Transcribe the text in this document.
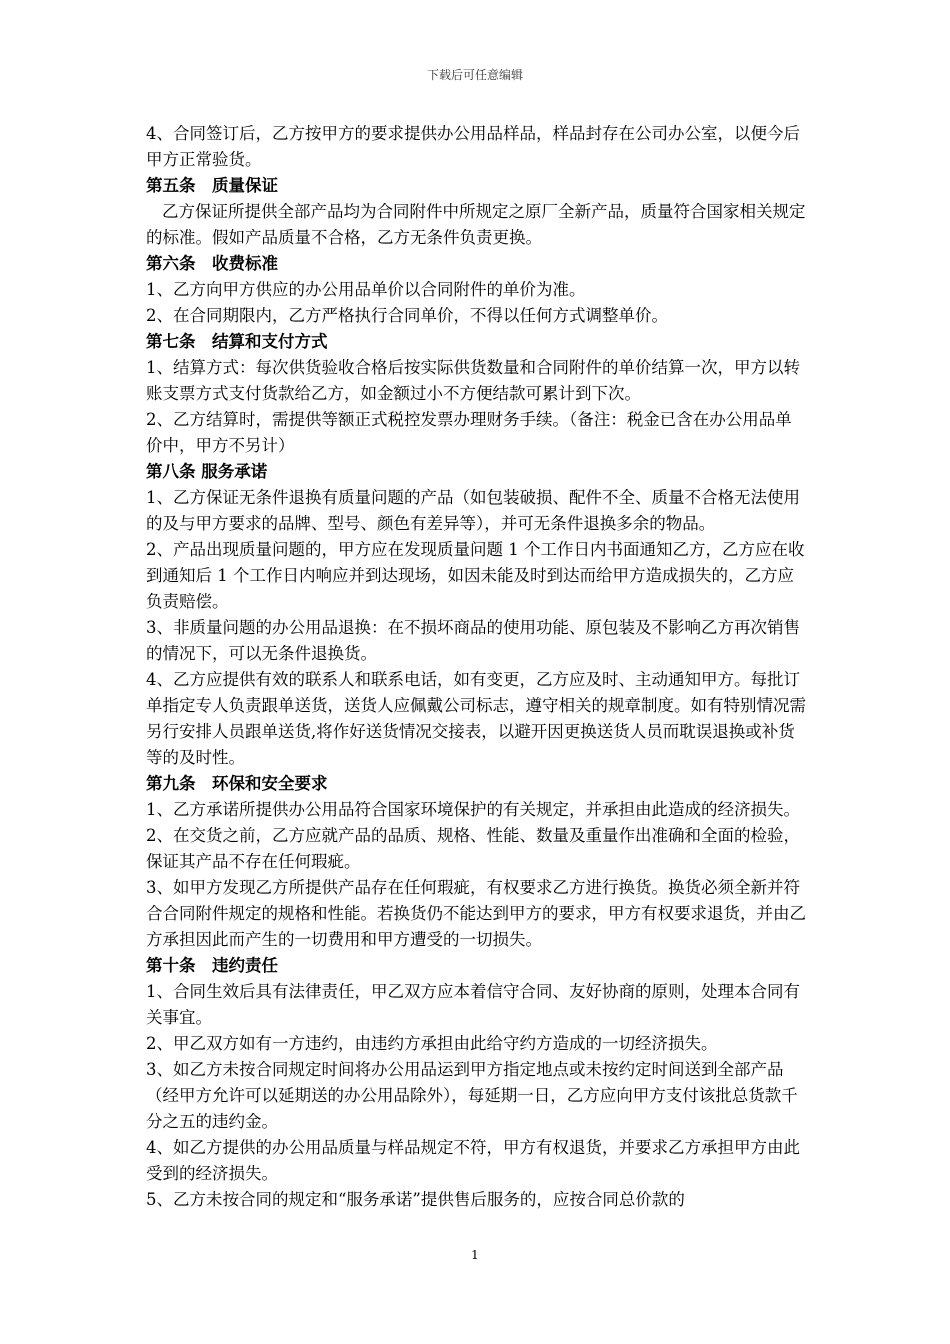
下载后可任意编辑

4、合同签订后，乙方按甲方的要求提供办公用品样品，样品封存在公司办公室，以便今后甲方正常验货。

第五条　质量保证

乙方保证所提供全部产品均为合同附件中所规定之原厂全新产品，质量符合国家相关规定的标准。假如产品质量不合格，乙方无条件负责更换。

第六条　收费标准

1、乙方向甲方供应的办公用品单价以合同附件的单价为准。

2、在合同期限内，乙方严格执行合同单价，不得以任何方式调整单价。

第七条　结算和支付方式

1、结算方式：每次供货验收合格后按实际供货数量和合同附件的单价结算一次，甲方以转账支票方式支付货款给乙方，如金额过小不方便结款可累计到下次。

2、乙方结算时，需提供等额正式税控发票办理财务手续。（备注：税金已含在办公用品单价中，甲方不另计）

第八条 服务承诺

1、乙方保证无条件退换有质量问题的产品（如包装破损、配件不全、质量不合格无法使用的及与甲方要求的品牌、型号、颜色有差异等），并可无条件退换多余的物品。

2、产品出现质量问题的，甲方应在发现质量问题 1 个工作日内书面通知乙方，乙方应在收到通知后 1 个工作日内响应并到达现场，如因未能及时到达而给甲方造成损失的，乙方应负责赔偿。

3、非质量问题的办公用品退换：在不损坏商品的使用功能、原包装及不影响乙方再次销售的情况下，可以无条件退换货。

4、乙方应提供有效的联系人和联系电话，如有变更，乙方应及时、主动通知甲方。每批订单指定专人负责跟单送货，送货人应佩戴公司标志，遵守相关的规章制度。如有特别情况需另行安排人员跟单送货,将作好送货情况交接表，以避开因更换送货人员而耽误退换或补货等的及时性。

第九条　环保和安全要求

1、乙方承诺所提供办公用品符合国家环境保护的有关规定，并承担由此造成的经济损失。

2、在交货之前，乙方应就产品的品质、规格、性能、数量及重量作出准确和全面的检验，保证其产品不存在任何瑕疵。

3、如甲方发现乙方所提供产品存在任何瑕疵，有权要求乙方进行换货。换货必须全新并符合合同附件规定的规格和性能。若换货仍不能达到甲方的要求，甲方有权要求退货，并由乙方承担因此而产生的一切费用和甲方遭受的一切损失。

第十条　违约责任

1、合同生效后具有法律责任，甲乙双方应本着信守合同、友好协商的原则，处理本合同有关事宜。

2、甲乙双方如有一方违约，由违约方承担由此给守约方造成的一切经济损失。

3、如乙方未按合同规定时间将办公用品运到甲方指定地点或未按约定时间送到全部产品（经甲方允许可以延期送的办公用品除外），每延期一日，乙方应向甲方支付该批总货款千分之五的违约金。

4、如乙方提供的办公用品质量与样品规定不符，甲方有权退货，并要求乙方承担甲方由此受到的经济损失。

5、乙方未按合同的规定和“服务承诺”提供售后服务的，应按合同总价款的

1
